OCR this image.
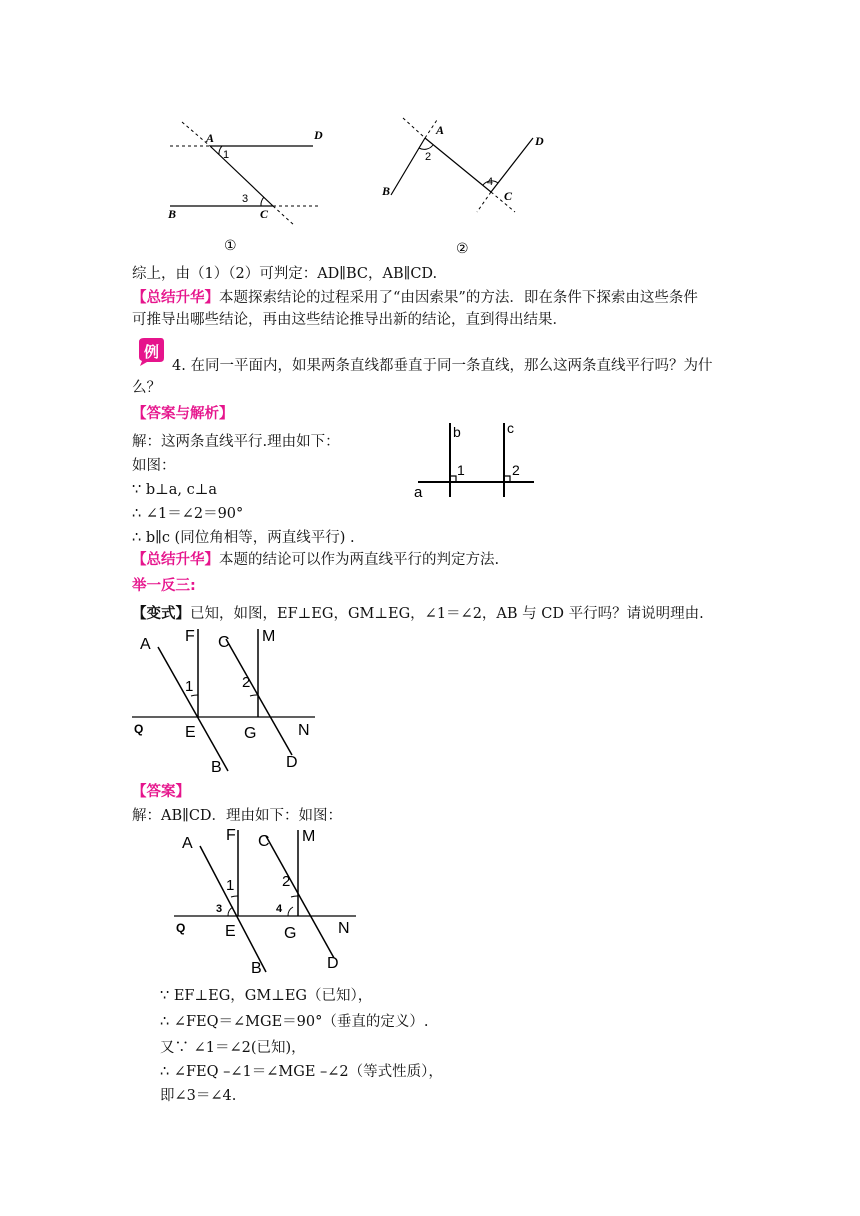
A	D
1
3
B	C
①
A
D
2
4
B	C
②
综上，由（1）（2）可判定：AD∥BC，AB∥CD.
【总结升华】本题探索结论的过程采用了“由因索果”的方法．即在条件下探索由这些条件
可推导出哪些结论，再由这些结论推导出新的结论，直到得出结果．
例
4. 在同一平面内，如果两条直线都垂直于同一条直线，那么这两条直线平行吗？为什
么？
【答案与解析】
解：这两条直线平行.理由如下：
如图：
∵ b⊥a, c⊥a
∴ ∠1＝∠2＝90°
∴ b∥c (同位角相等，两直线平行) .
b	c
1	2
a
【总结升华】本题的结论可以作为两直线平行的判定方法.
举一反三:
【变式】已知，如图，EF⊥EG，GM⊥EG，∠1＝∠2，AB 与 CD 平行吗？请说明理由.
A F C M
1	2
Q	E	G	N
B	D
【答案】
解：AB∥CD．理由如下：如图：
A F C M
1	2
3	4
Q E	G	N
B	D
∵ EF⊥EG，GM⊥EG（已知），
∴ ∠FEQ＝∠MGE＝90°（垂直的定义）.
又∵ ∠1＝∠2(已知)，
∴ ∠FEQ –∠1＝∠MGE –∠2（等式性质），
即∠3＝∠4.
